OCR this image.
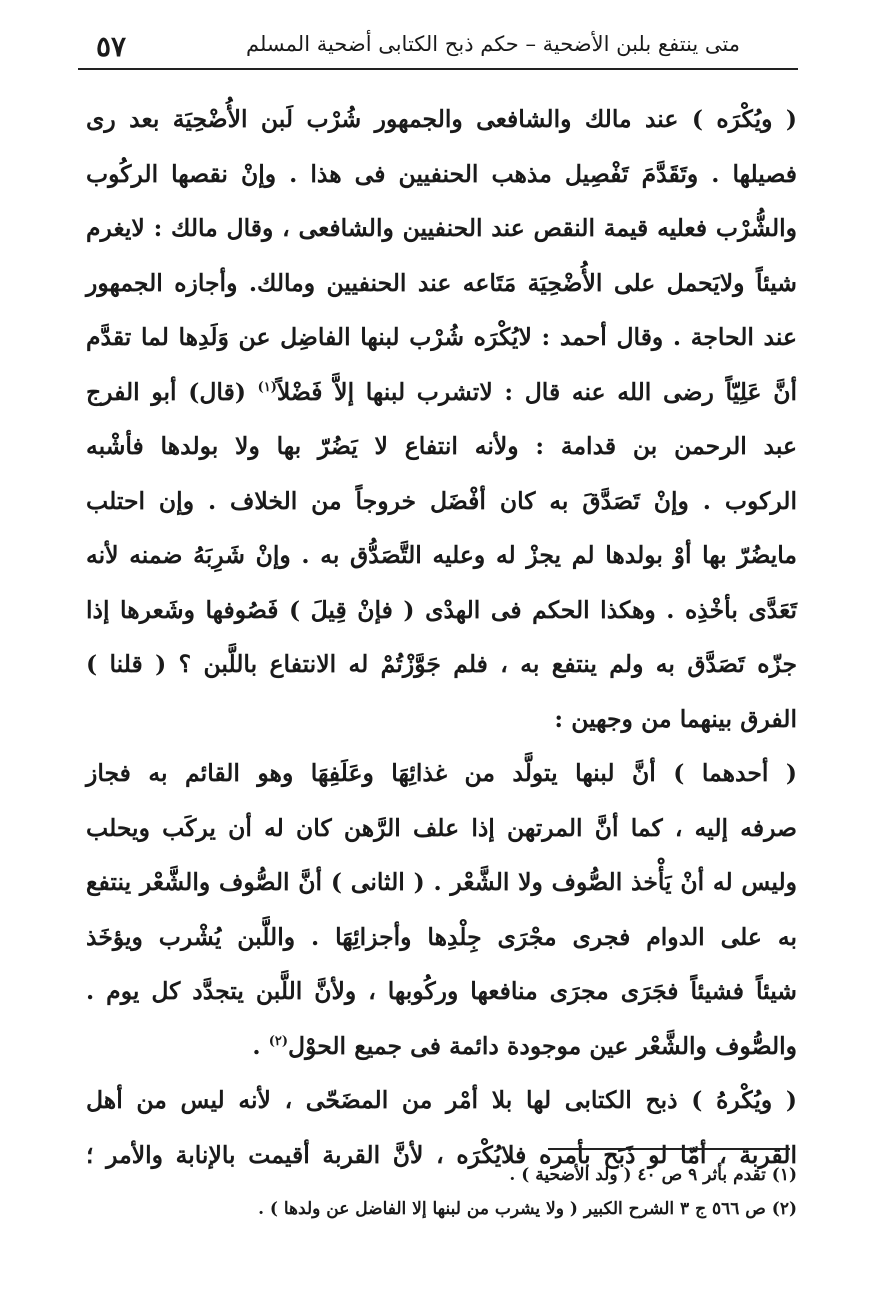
متى ينتفع بلبن الأضحية – حكم ذبح الكتابى أضحية المسلم
٥٧
( ويُكْرَه ) عند مالك والشافعى والجمهور شُرْب لَبن الأُضْحِيَة بعد رى
فصيلها . وتَقَدَّمَ تَفْصِيل مذهب الحنفيين فى هذا . وإنْ نقصها الركُوب
والشُّرْب فعليه قيمة النقص عند الحنفيين والشافعى ، وقال مالك : لايغرم
شيئاً ولايَحمل على الأُضْحِيَة مَتَاعه عند الحنفيين ومالك. وأجازه الجمهور
عند الحاجة . وقال أحمد : لايُكْرَه شُرْب لبنها الفاضِل عن وَلَدِها لما تقدَّم
أنَّ عَلِيّاً رضى الله عنه قال : لاتشرب لبنها إلاَّ فَضْلاً$^{(١)}$ (قال) أبو الفرج
عبد الرحمن بن قدامة : ولأنه انتفاع لا يَضُرّ بها ولا بولدها فأشْبه
الركوب . وإنْ تَصَدَّقَ به كان أفْضَل خروجاً من الخلاف . وإن احتلب
مايضُرّ بها أوْ بولدها لم يجزْ له وعليه التَّصَدُّق به . وإنْ شَرِبَهُ ضمنه لأنه
تَعَدَّى بأخْذِه . وهكذا الحكم فى الهدْى ( فإنْ قِيلَ ) فَصُوفها وشَعرها إذا
جزّه تَصَدَّق به ولم ينتفع به ، فلم جَوَّزْتُمْ له الانتفاع باللَّبن ؟ ( قلنا )
الفرق بينهما من وجهين :
( أحدهما ) أنَّ لبنها يتولَّد من غذائِهَا وعَلَفِهَا وهو القائم به فجاز
صرفه إليه ، كما أنَّ المرتهن إذا علف الرَّهن كان له أن يركَب ويحلب
وليس له أنْ يَأْخذ الصُّوف ولا الشَّعْر . ( الثانى ) أنَّ الصُّوف والشَّعْر ينتفع
به على الدوام فجرى مجْرَى جِلْدِها وأجزائِهَا . واللَّبن يُشْرب ويؤخَذ
شيئاً فشيئاً فجَرَى مجرَى منافعها وركُوبها ، ولأنَّ اللَّبن يتجدَّد كل يوم .
والصُّوف والشَّعْر عين موجودة دائمة فى جميع الحوْل$^{(٢)}$ .
( ويُكْرهُ ) ذبح الكتابى لها بلا أمْر من المضَحّى ، لأنه ليس من أهل
القربة ، أمّا لو ذَبَح بأمره فلايُكْرَه ، لأنَّ القربة أقيمت بالإنابة والأمر ؛
(١) تقدم بأثر ٩ ص ٤٠ ( ولد الأضحية ) .
(٢) ص ٥٦٦ ج ٣ الشرح الكبير ( ولا يشرب من لبنها إلا الفاضل عن ولدها ) .
